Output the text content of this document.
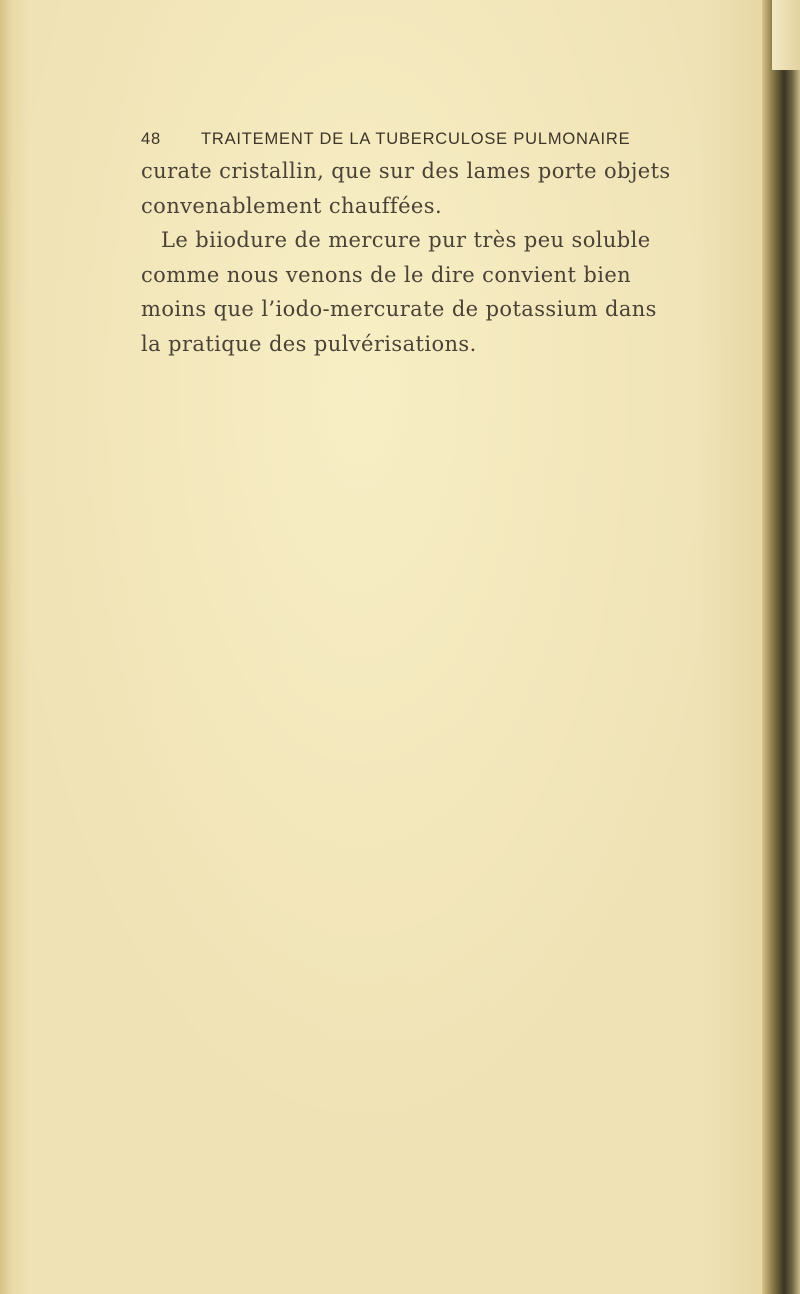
48	TRAITEMENT DE LA TUBERCULOSE PULMONAIRE
curate cristallin, que sur des lames porte objets
convenablement chauffées.
Le biiodure de mercure pur très peu soluble
comme nous venons de le dire convient bien
moins que l’iodo-mercurate de potassium dans
la pratique des pulvérisations.
